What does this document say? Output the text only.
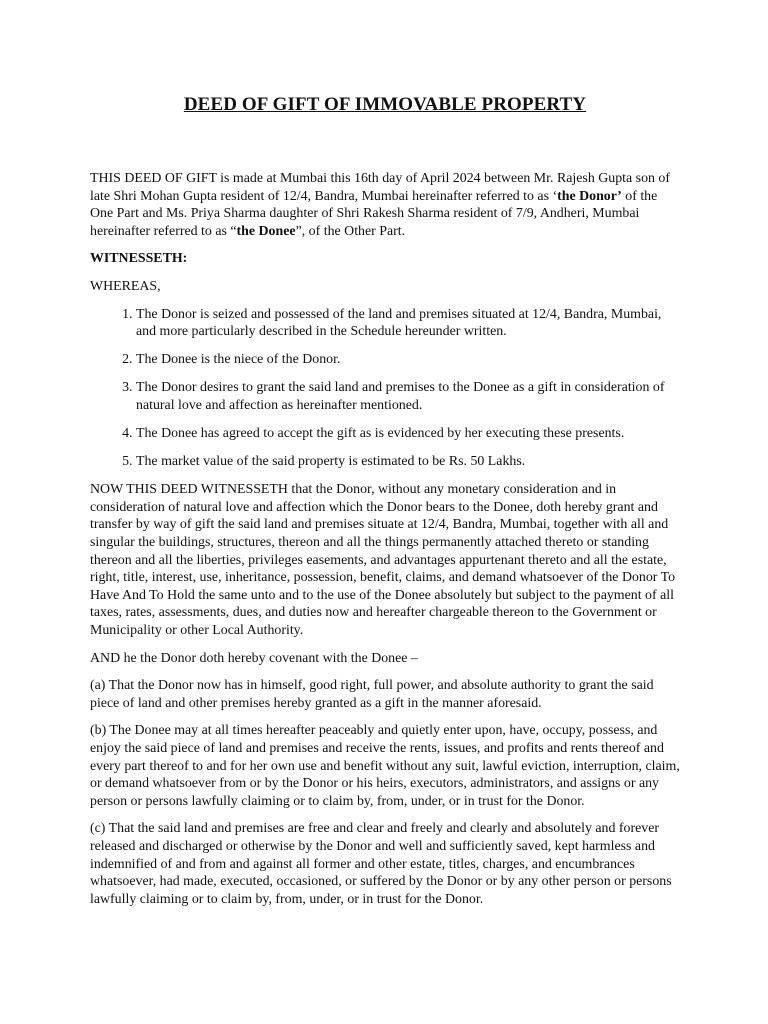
DEED OF GIFT OF IMMOVABLE PROPERTY

THIS DEED OF GIFT is made at Mumbai this 16th day of April 2024 between Mr. Rajesh Gupta son of late Shri Mohan Gupta resident of 12/4, Bandra, Mumbai hereinafter referred to as ‘the Donor’ of the One Part and Ms. Priya Sharma daughter of Shri Rakesh Sharma resident of 7/9, Andheri, Mumbai hereinafter referred to as “the Donee”, of the Other Part.

WITNESSETH:

WHEREAS,

1. The Donor is seized and possessed of the land and premises situated at 12/4, Bandra, Mumbai, and more particularly described in the Schedule hereunder written.
2. The Donee is the niece of the Donor.
3. The Donor desires to grant the said land and premises to the Donee as a gift in consideration of natural love and affection as hereinafter mentioned.
4. The Donee has agreed to accept the gift as is evidenced by her executing these presents.
5. The market value of the said property is estimated to be Rs. 50 Lakhs.

NOW THIS DEED WITNESSETH that the Donor, without any monetary consideration and in consideration of natural love and affection which the Donor bears to the Donee, doth hereby grant and transfer by way of gift the said land and premises situate at 12/4, Bandra, Mumbai, together with all and singular the buildings, structures, thereon and all the things permanently attached thereto or standing thereon and all the liberties, privileges easements, and advantages appurtenant thereto and all the estate, right, title, interest, use, inheritance, possession, benefit, claims, and demand whatsoever of the Donor To Have And To Hold the same unto and to the use of the Donee absolutely but subject to the payment of all taxes, rates, assessments, dues, and duties now and hereafter chargeable thereon to the Government or Municipality or other Local Authority.

AND he the Donor doth hereby covenant with the Donee –

(a) That the Donor now has in himself, good right, full power, and absolute authority to grant the said piece of land and other premises hereby granted as a gift in the manner aforesaid.

(b) The Donee may at all times hereafter peaceably and quietly enter upon, have, occupy, possess, and enjoy the said piece of land and premises and receive the rents, issues, and profits and rents thereof and every part thereof to and for her own use and benefit without any suit, lawful eviction, interruption, claim, or demand whatsoever from or by the Donor or his heirs, executors, administrators, and assigns or any person or persons lawfully claiming or to claim by, from, under, or in trust for the Donor.

(c) That the said land and premises are free and clear and freely and clearly and absolutely and forever released and discharged or otherwise by the Donor and well and sufficiently saved, kept harmless and indemnified of and from and against all former and other estate, titles, charges, and encumbrances whatsoever, had made, executed, occasioned, or suffered by the Donor or by any other person or persons lawfully claiming or to claim by, from, under, or in trust for the Donor.
